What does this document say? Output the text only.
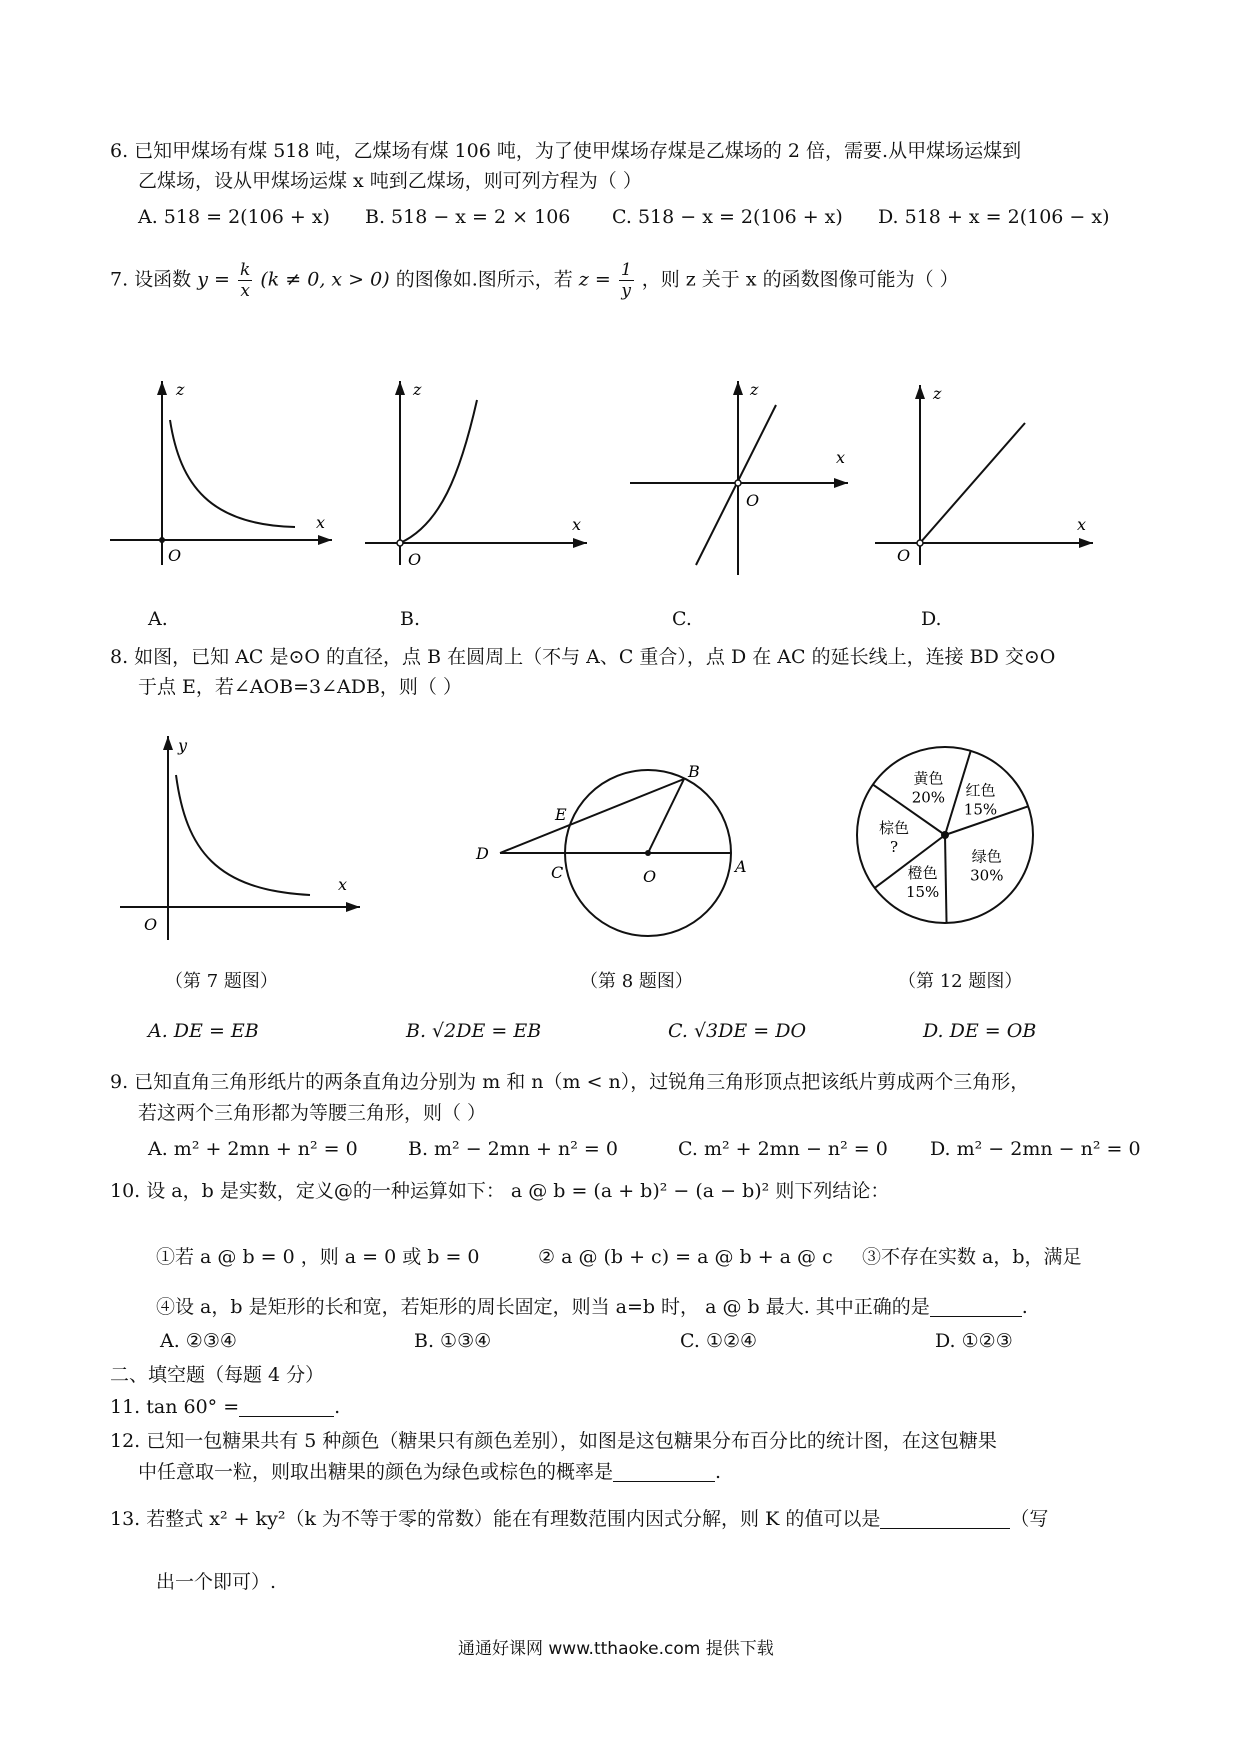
6. 已知甲煤场有煤 518 吨，乙煤场有煤 106 吨，为了使甲煤场存煤是乙煤场的 2 倍，需要.从甲煤场运煤到
乙煤场，设从甲煤场运煤 x 吨到乙煤场，则可列方程为（ ）
A. 518 = 2(106 + x) B. 518 − x = 2 × 106 C. 518 − x = 2(106 + x) D. 518 + x = 2(106 − x)
7. 设函数 $y = \frac{k}{x} (k \ne 0$, x > 0) 的图像如.图所示，若 $z = \frac{1}{y}$ ，则 z 关于 x 的函数图像可能为（ ）
z
x
O
z
x
O
z
x
O
z
x
O
A.	B.	C.	D.
8. 如图，已知 AC 是⊙O 的直径，点 B 在圆周上（不与 A、C 重合），点 D 在 AC 的延长线上，连接 BD 交⊙O
于点 E，若∠AOB=3∠ADB，则（ ）
y
x
O
D
C	O
A
B
E
红色
15%
绿色
30%
橙色
15%
棕色
?
黄色
20%
（第 7 题图）	（第 8 题图）	（第 12 题图）
A. DE = EB	B. √2DE = EB	C. √3DE = DO	D. DE = OB
9. 已知直角三角形纸片的两条直角边分别为 m 和 n（m < n），过锐角三角形顶点把该纸片剪成两个三角形，
若这两个三角形都为等腰三角形，则（ ）
A. m² + 2mn + n² = 0	B. m² − 2mn + n² = 0	C. m² + 2mn − n² = 0 D. m² − 2mn − n² = 0
10. 设 a，b 是实数，定义@的一种运算如下： a @ b = (a + b)² − (a − b)² 则下列结论：
①若 a @ b = 0 ，则 a = 0 或 b = 0	② a @ (b + c) = a @ b + a @ c ③不存在实数 a，b，满足
④设 a，b 是矩形的长和宽，若矩形的周长固定，则当 a=b 时， a @ b 最大. 其中正确的是	.
A. ②③④	B. ①③④	C. ①②④	D. ①②③
二、填空题（每题 4 分）
11. tan 60° =	.
12. 已知一包糖果共有 5 种颜色（糖果只有颜色差别），如图是这包糖果分布百分比的统计图，在这包糖果
中任意取一粒，则取出糖果的颜色为绿色或棕色的概率是	.
13. 若整式 x² + ky²（k 为不等于零的常数）能在有理数范围内因式分解，则 K 的值可以是	（写
出一个即可）.
通通好课网 www.tthaoke.com 提供下载
